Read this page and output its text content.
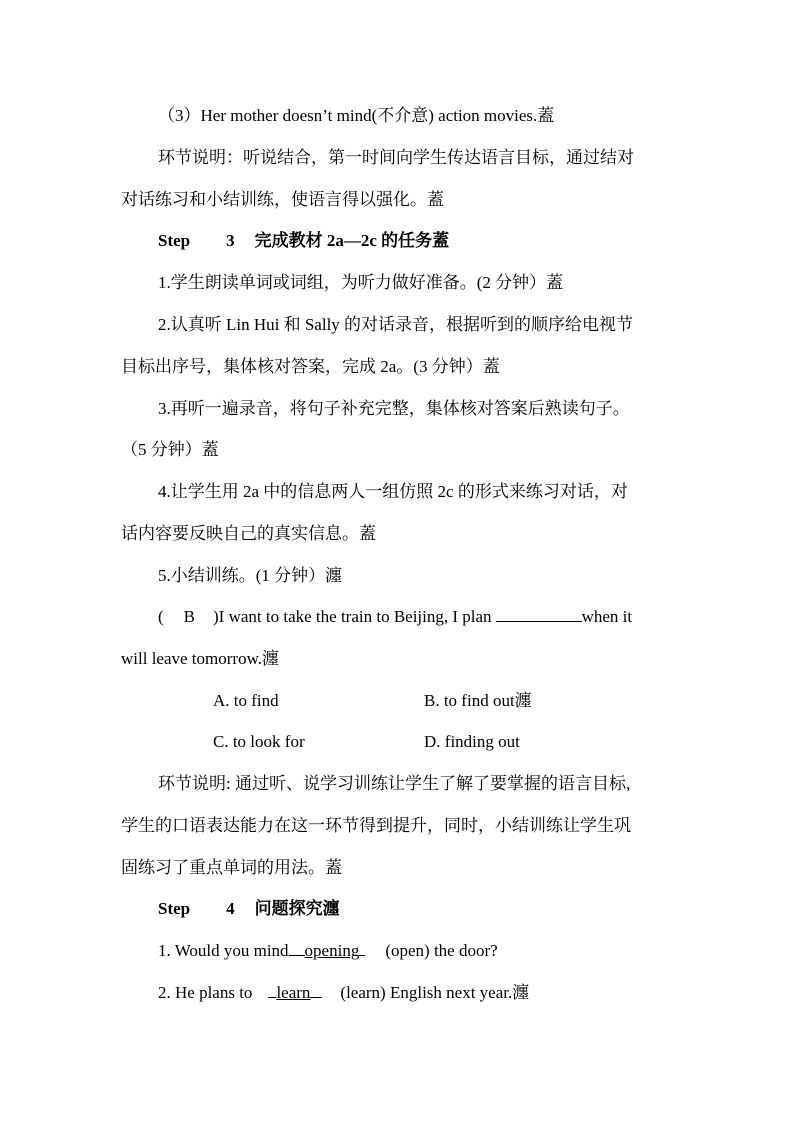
（3）Her mother doesn’t mind(不介意) action movies.蓋
环节说明：听说结合，第一时间向学生传达语言目标，通过结对
对话练习和小结训练，使语言得以强化。蓋
Step 3 完成教材 2a—2c 的任务蓋
1.学生朗读单词或词组，为听力做好准备。(2 分钟）蓋
2.认真听 Lin Hui 和 Sally 的对话录音，根据听到的顺序给电视节
目标出序号，集体核对答案，完成 2a。(3 分钟）蓋
3.再听一遍录音，将句子补充完整，集体核对答案后熟读句子。
（5 分钟）蓋
4.让学生用 2a 中的信息两人一组仿照 2c 的形式来练习对话，对
话内容要反映自己的真实信息。蓋
5.小结训练。(1 分钟）瀍
( B )I want to take the train to Beijing, I plan	when it
will leave tomorrow.瀍
A. to find	B. to find out瀍
C. to look for	D. finding out
环节说明: 通过听、说学习训练让学生了解了要掌握的语言目标,
学生的口语表达能力在这一环节得到提升，同时，小结训练让学生巩
固练习了重点单词的用法。蓋
Step 4 问题探究瀍
1. Would you mind opening (open) the door?
2. He plans to learn (learn) English next year.瀍
